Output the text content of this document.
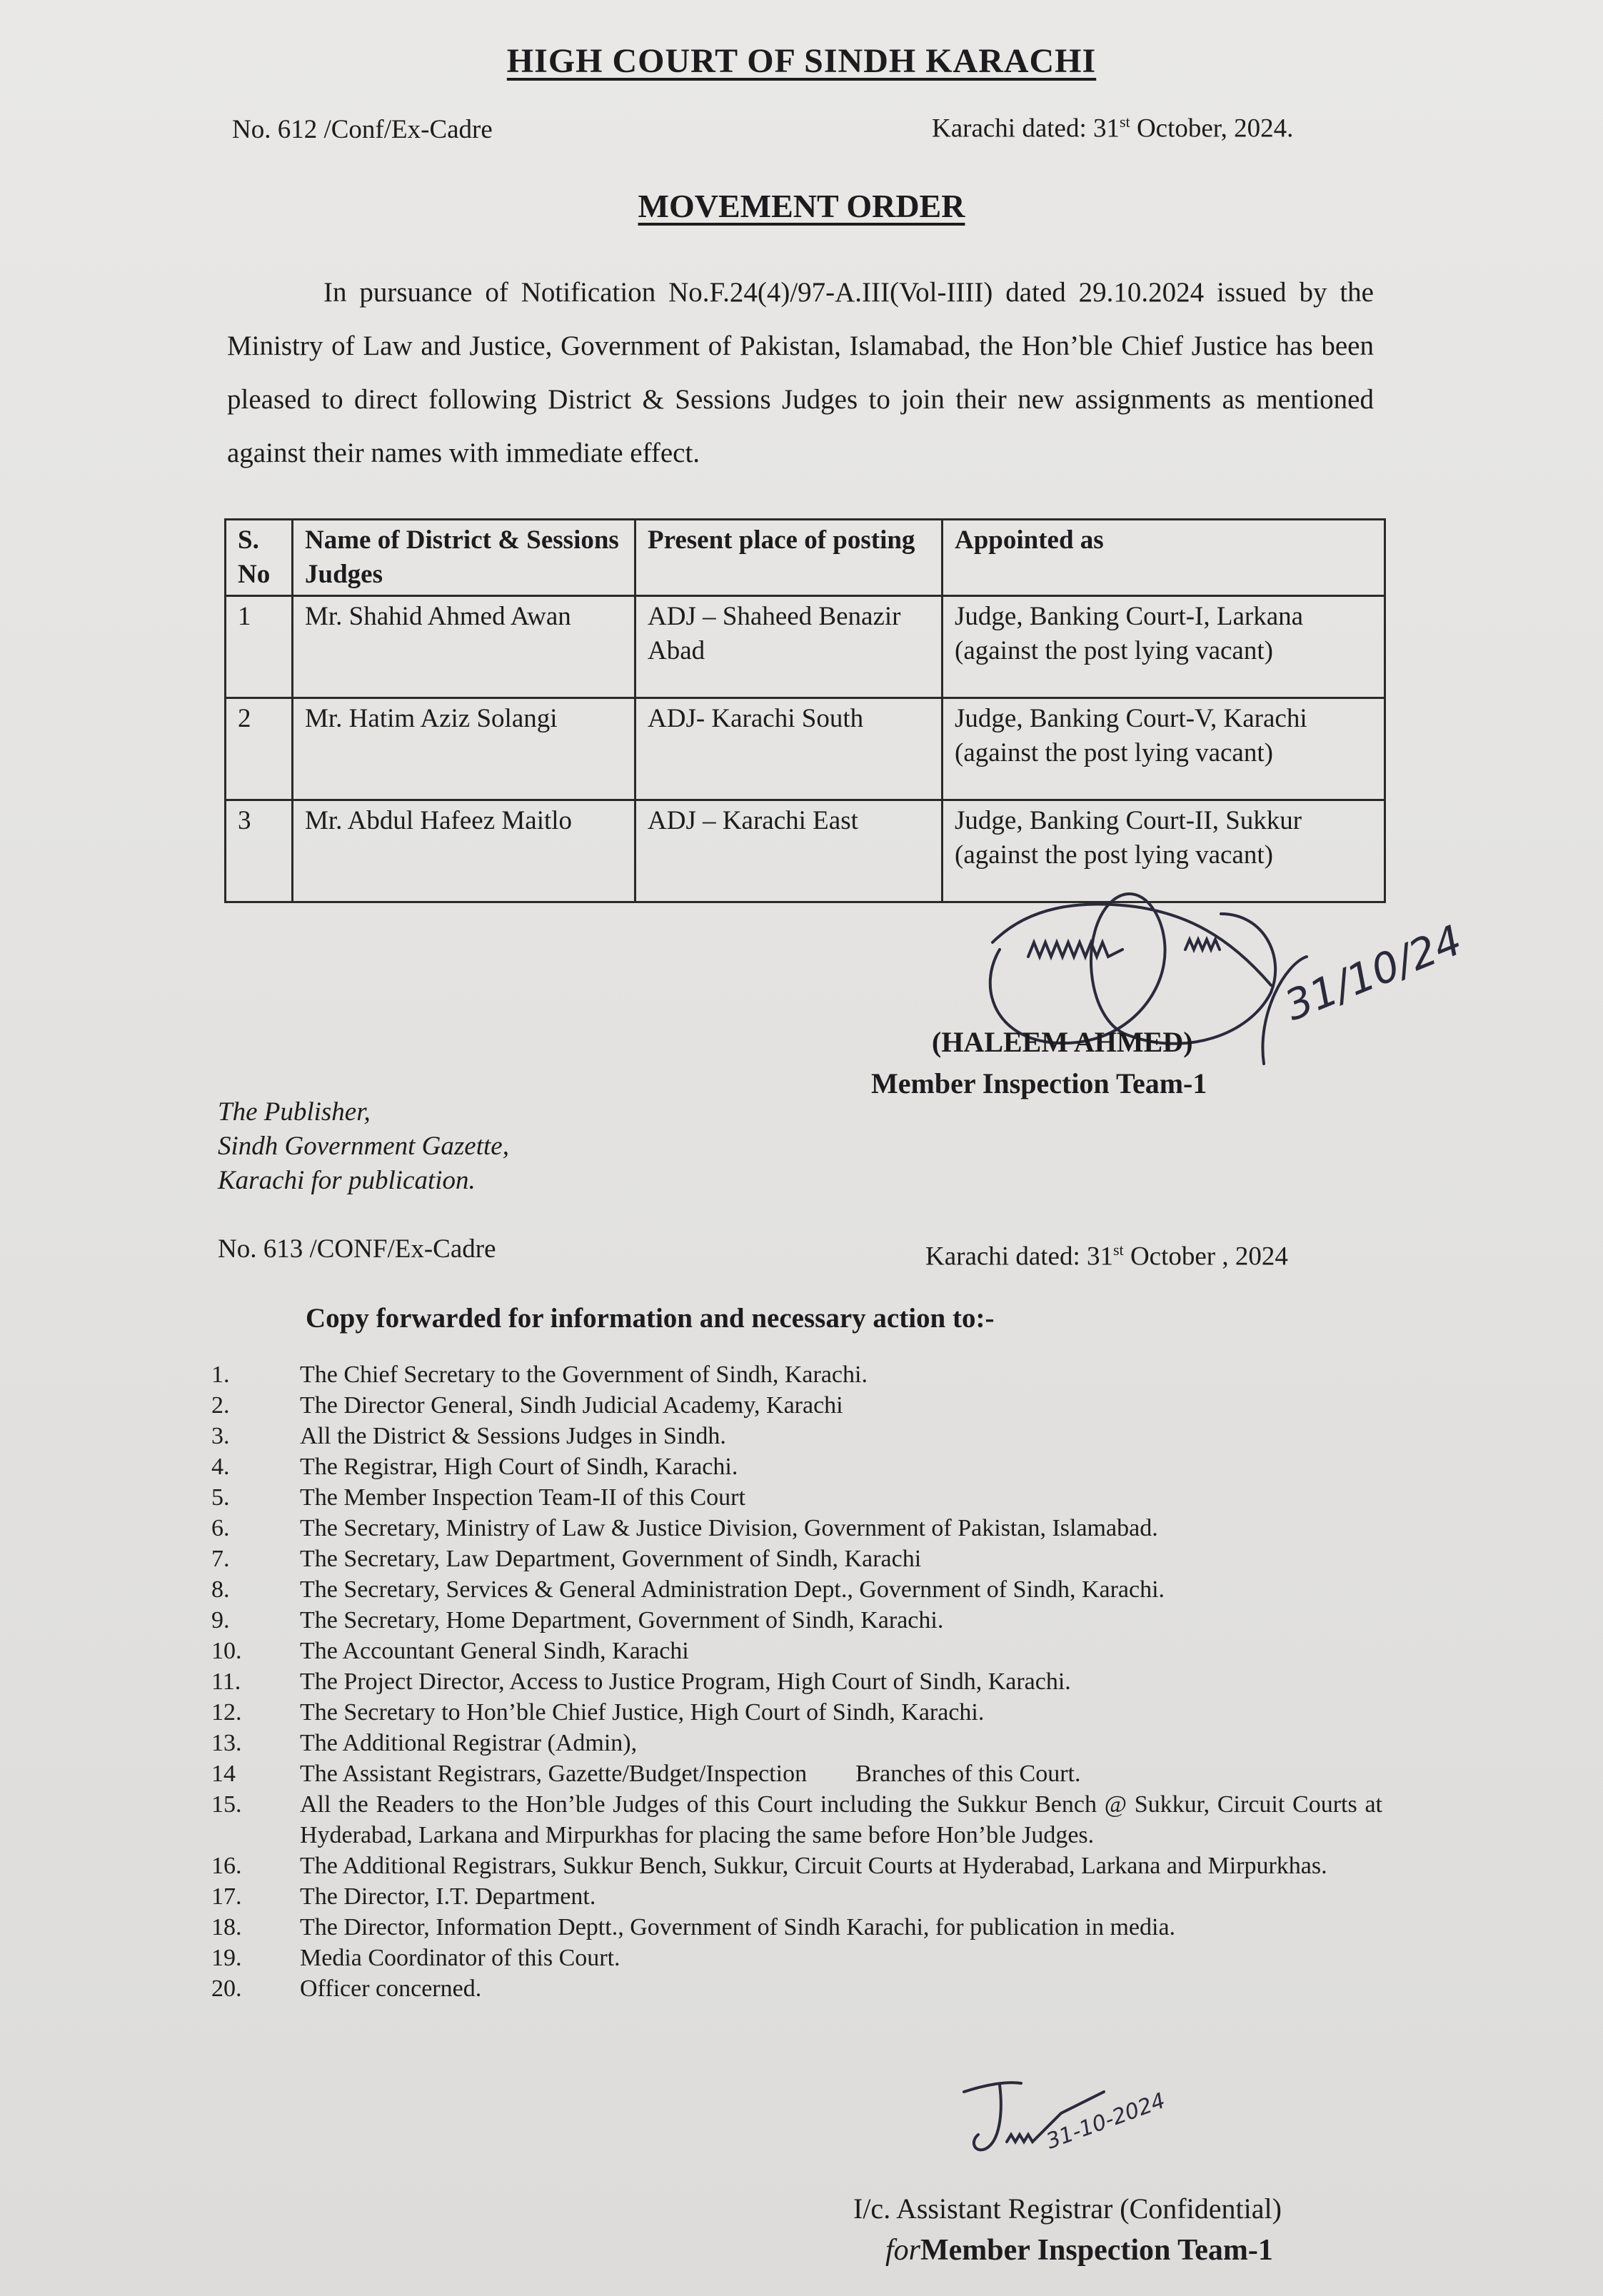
HIGH COURT OF SINDH KARACHI
No. 612 /Conf/Ex-Cadre	Karachi dated: 31st October, 2024.
MOVEMENT ORDER
In pursuance of Notification No.F.24(4)/97-A.III(Vol-IIII) dated 29.10.2024 issued by the Ministry of Law and Justice, Government of Pakistan, Islamabad, the Hon’ble Chief Justice has been pleased to direct following District & Sessions Judges to join their new assignments as mentioned against their names with immediate effect.
S. No	Name of District & Sessions Judges	Present place of posting	Appointed as
1	Mr. Shahid Ahmed Awan	ADJ – Shaheed Benazir Abad	Judge, Banking Court-I, Larkana
(against the post lying vacant)

2	Mr. Hatim Aziz Solangi	ADJ- Karachi South	Judge, Banking Court-V, Karachi
(against the post lying vacant)

3	Mr. Abdul Hafeez Maitlo	ADJ – Karachi East	Judge, Banking Court-II, Sukkur
(against the post lying vacant)
31/10/24
(HALEEM AHMED)
Member Inspection Team-1
The Publisher,
Sindh Government Gazette,
Karachi for publication.
No. 613 /CONF/Ex-Cadre	Karachi dated: 31st October , 2024
Copy forwarded for information and necessary action to:-
1.	The Chief Secretary to the Government of Sindh, Karachi.
2.	The Director General, Sindh Judicial Academy, Karachi
3.	All the District & Sessions Judges in Sindh.
4.	The Registrar, High Court of Sindh, Karachi.
5.	The Member Inspection Team-II of this Court
6.	The Secretary, Ministry of Law & Justice Division, Government of Pakistan, Islamabad.
7.	The Secretary, Law Department, Government of Sindh, Karachi
8.	The Secretary, Services & General Administration Dept., Government of Sindh, Karachi.
9.	The Secretary, Home Department, Government of Sindh, Karachi.
10.	The Accountant General Sindh, Karachi
11.	The Project Director, Access to Justice Program, High Court of Sindh, Karachi.
12.	The Secretary to Hon’ble Chief Justice, High Court of Sindh, Karachi.
13.	The Additional Registrar (Admin),
14	The Assistant Registrars, Gazette/Budget/Inspection        Branches of this Court.
15.	All the Readers to the Hon’ble Judges of this Court including the Sukkur Bench @ Sukkur, Circuit Courts at Hyderabad, Larkana and Mirpurkhas for placing the same before Hon’ble Judges.
16.	The Additional Registrars, Sukkur Bench, Sukkur, Circuit Courts at Hyderabad, Larkana and Mirpurkhas.
17.	The Director, I.T. Department.
18.	The Director, Information Deptt., Government of Sindh Karachi, for publication in media.
19.	Media Coordinator of this Court.
20.	Officer concerned.
31-10-2024
I/c. Assistant Registrar (Confidential)
forMember Inspection Team-1
